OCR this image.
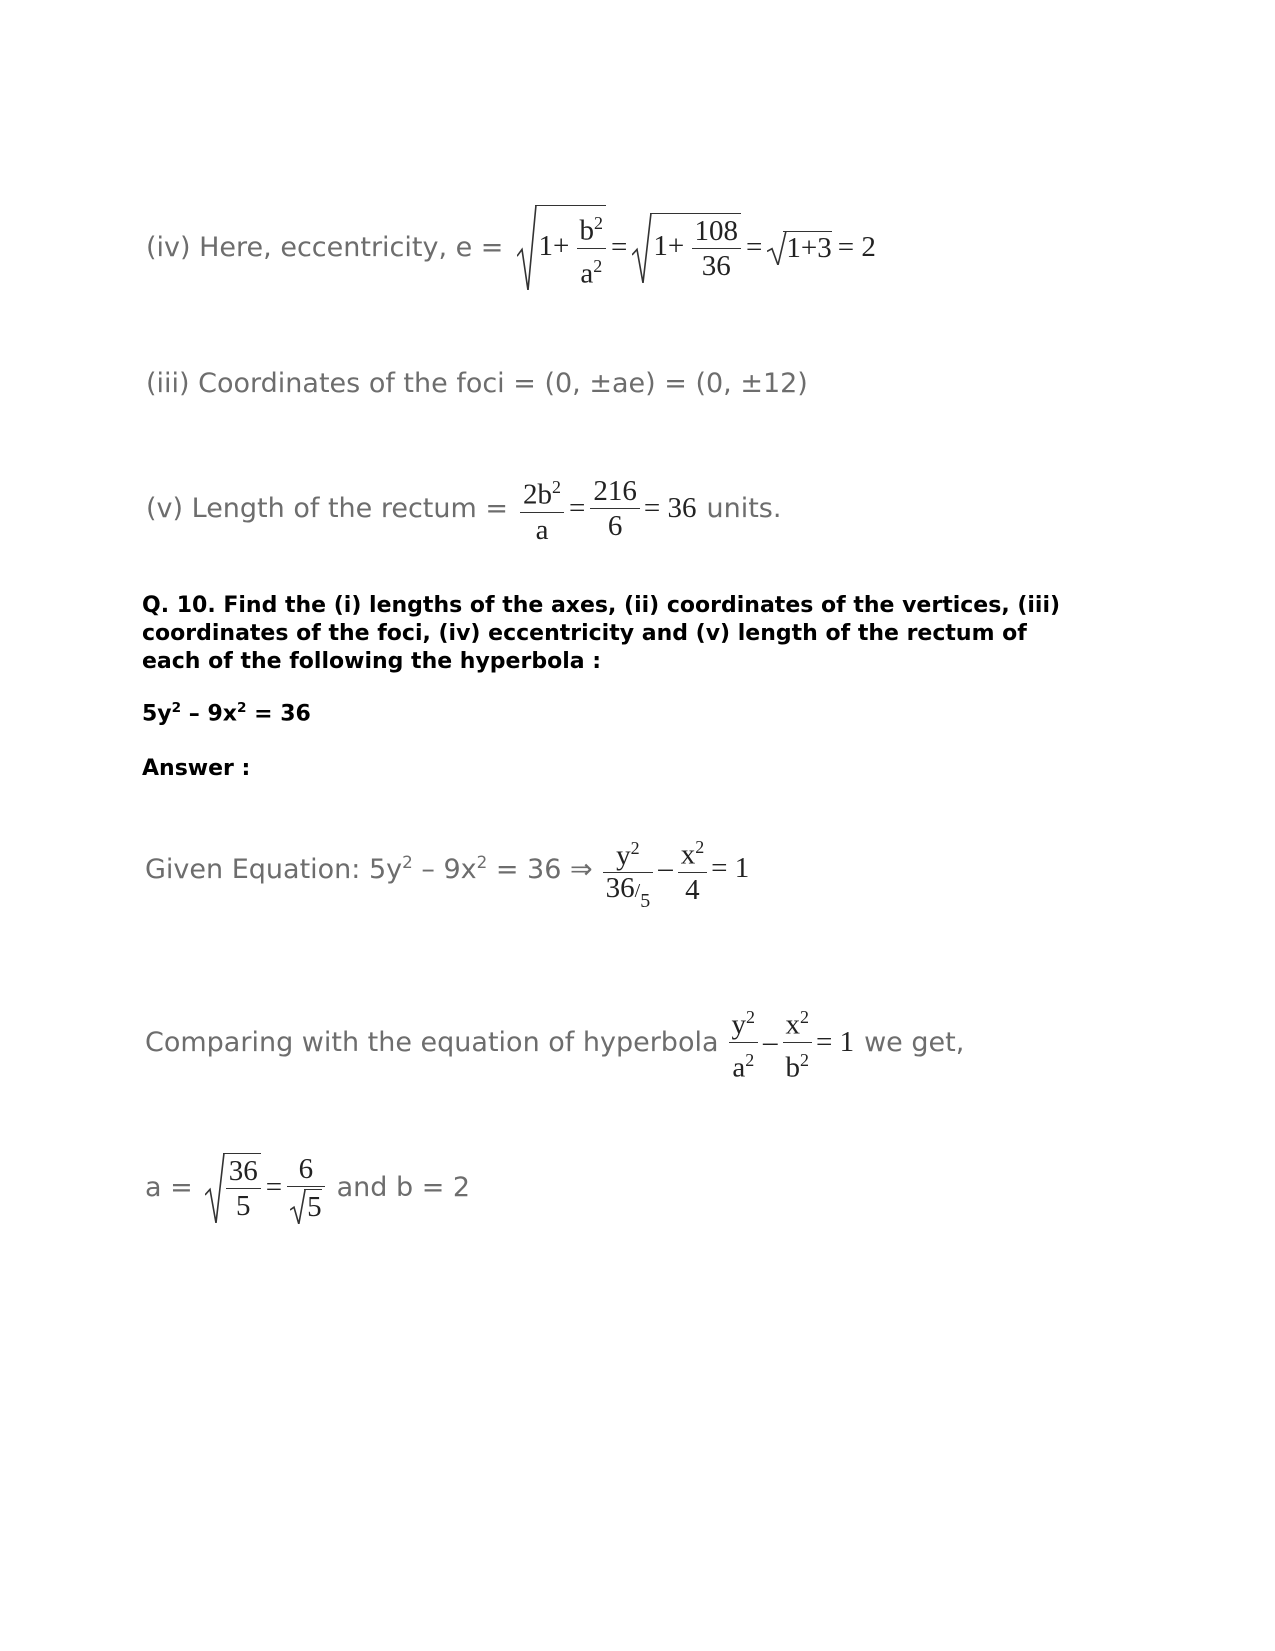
(iv) Here, eccentricity, e =	$1+ \frac{b^2}{a^2} = 1+ \frac{108}{36} = 1+3 = 2$
(iii) Coordinates of the foci = (0, ±ae) = (0, ±12)
(v) Length of the rectum = $\frac{2b^2}{a} = \frac{216}{6} = 36$ units.
Q. 10. Find the (i) lengths of the axes, (ii) coordinates of the vertices, (iii) coordinates of the foci, (iv) eccentricity and (v) length of the rectum of each of the following the hyperbola :
$5y^2 - 9x^2 = 36$
Answer :
Given Equation: $5y^2 - 9x^2 = 36$ ⇒ $\frac{y^2}{36/_5} - \frac{x^2}{4} = 1$
Comparing with the equation of hyperbola $\frac{y^2}{a^2} - \frac{x^2}{b^2} = 1$ we get,
$a = \frac{36}{5} = \frac{6}{5}$ and b = 2
